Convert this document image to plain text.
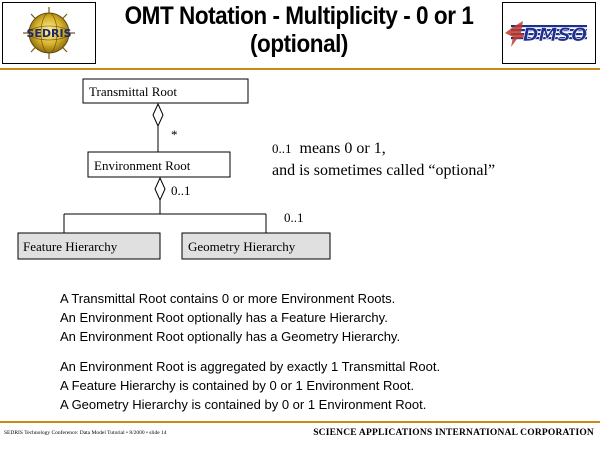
SEDRIS
OMT Notation - Multiplicity - 0 or 1
(optional)	DMSO
Transmittal Root
*
Environment Root
0..1
0..1
Feature Hierarchy	Geometry Hierarchy
0..1 means 0 or 1,
and is sometimes called “optional”
A Transmittal Root contains 0 or more Environment Roots.
An Environment Root optionally has a Feature Hierarchy.
An Environment Root optionally has a Geometry Hierarchy.
An Environment Root is aggregated by exactly 1 Transmittal Root.
A Feature Hierarchy is contained by 0 or 1 Environment Root.
A Geometry Hierarchy is contained by 0 or 1 Environment Root.
SEDRIS Technology Conference: Data Model Tutorial • 8/2000 • slide 14	SCIENCE APPLICATIONS INTERNATIONAL CORPORATION
